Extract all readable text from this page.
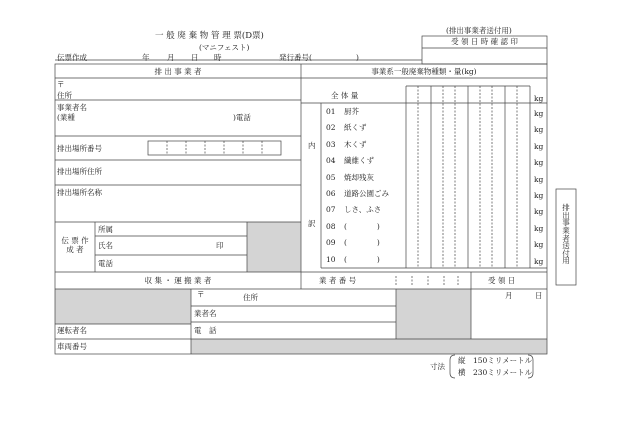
一 般 廃 棄 物 管 理 票(D票)
(マニフェスト)
(排出事業者送付用)
受 領 日 時 確 認 印
伝票作成	年 月 日 時	発行番号(	)
排 出 事 業 者
〒
住所
事業者名
(業種	)電話
排出場所番号
排出場所住所
排出場所名称
伝 票 作 成 者
所属
氏名	印
電話
事業系一般廃棄物種類・量(kg)
全 体 量	kg
内
訳
01 厨芥	kg
02 紙くず	kg
03 木くず	kg
04 繊維くず	kg
05 焼却残灰	kg
06 道路公園ごみ	kg
07 しさ、ふさ	kg
08 (　　　　)	kg
09 (　　　　)	kg
10 (　　　　)	kg
収 集 ・ 運 搬 業 者	業 者 番 号	受 領 日
月	日
〒	住所
業者名
電　話
運転者名
車両番号
排出事業者送付用
寸法
縦　150ミリメートル
横　230ミリメートル
